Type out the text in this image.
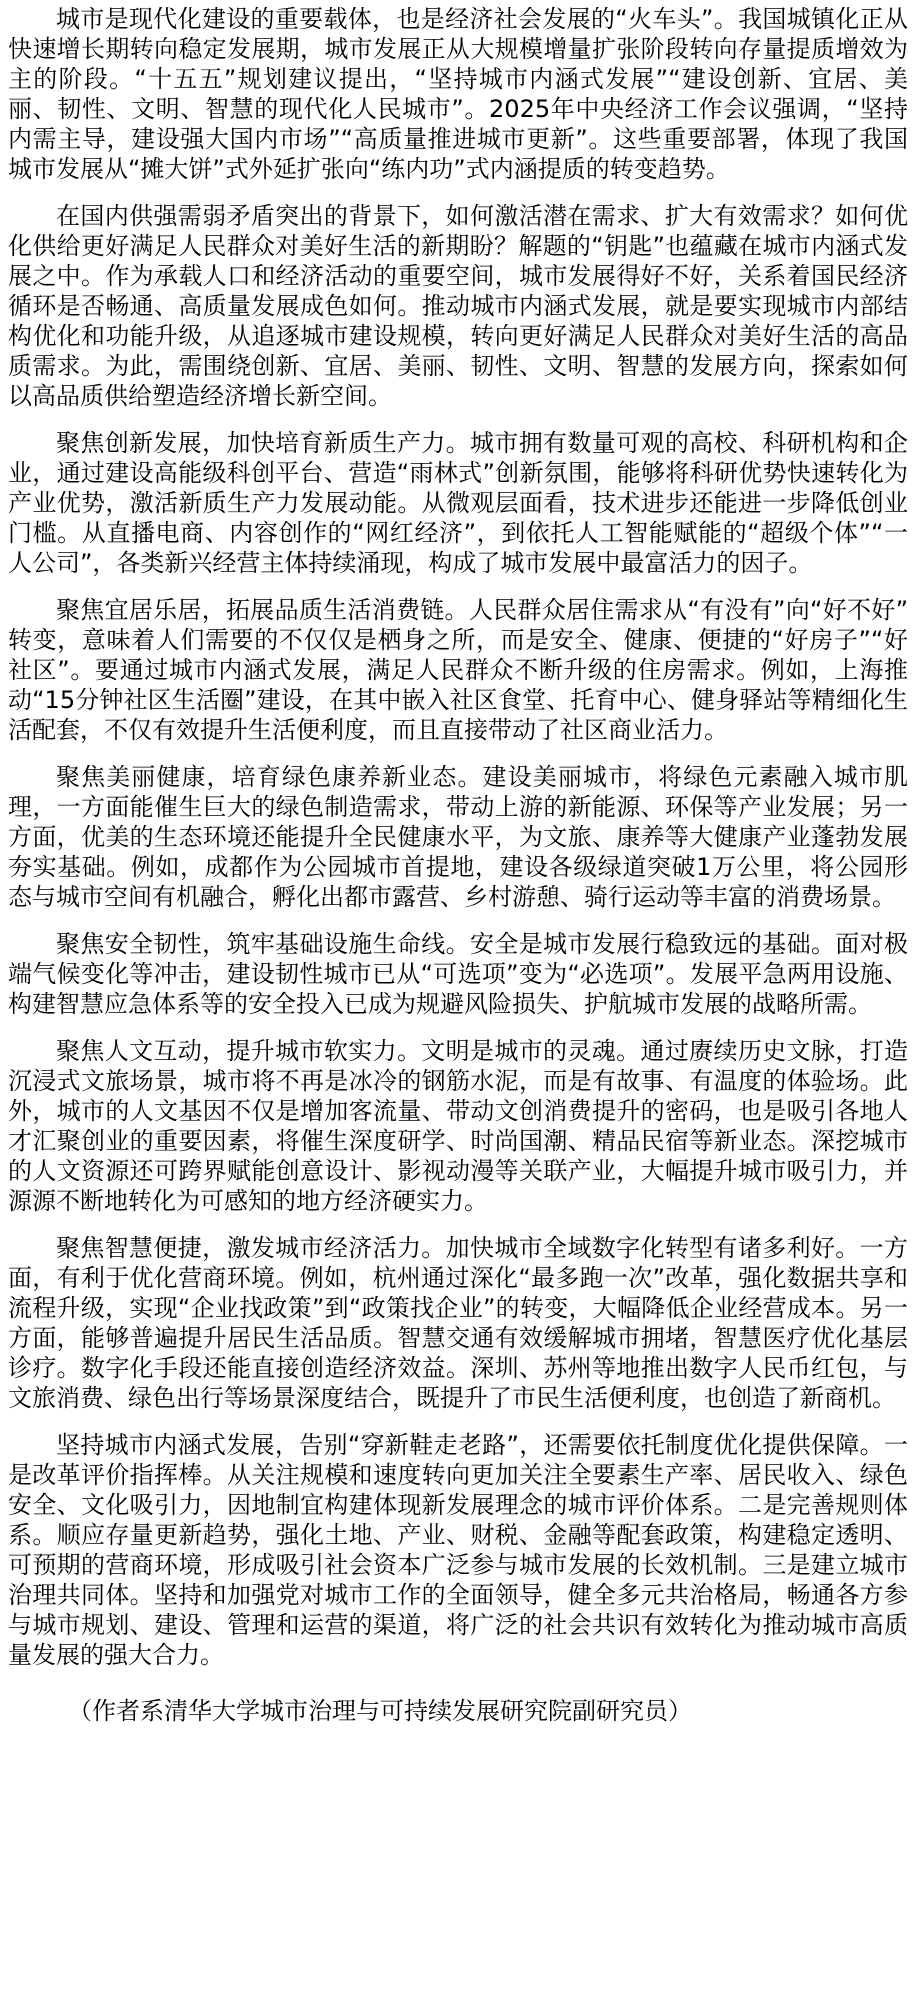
城市是现代化建设的重要载体，也是经济社会发展的“火车头”。我国城镇化正从快速增长期转向稳定发展期，城市发展正从大规模增量扩张阶段转向存量提质增效为主的阶段。“十五五”规划建议提出，“坚持城市内涵式发展”“建设创新、宜居、美丽、韧性、文明、智慧的现代化人民城市”。2025年中央经济工作会议强调，“坚持内需主导，建设强大国内市场”“高质量推进城市更新”。这些重要部署，体现了我国城市发展从“摊大饼”式外延扩张向“练内功”式内涵提质的转变趋势。

在国内供强需弱矛盾突出的背景下，如何激活潜在需求、扩大有效需求？如何优化供给更好满足人民群众对美好生活的新期盼？解题的“钥匙”也蕴藏在城市内涵式发展之中。作为承载人口和经济活动的重要空间，城市发展得好不好，关系着国民经济循环是否畅通、高质量发展成色如何。推动城市内涵式发展，就是要实现城市内部结构优化和功能升级，从追逐城市建设规模，转向更好满足人民群众对美好生活的高品质需求。为此，需围绕创新、宜居、美丽、韧性、文明、智慧的发展方向，探索如何以高品质供给塑造经济增长新空间。

聚焦创新发展，加快培育新质生产力。城市拥有数量可观的高校、科研机构和企业，通过建设高能级科创平台、营造“雨林式”创新氛围，能够将科研优势快速转化为产业优势，激活新质生产力发展动能。从微观层面看，技术进步还能进一步降低创业门槛。从直播电商、内容创作的“网红经济”，到依托人工智能赋能的“超级个体”“一人公司”，各类新兴经营主体持续涌现，构成了城市发展中最富活力的因子。

聚焦宜居乐居，拓展品质生活消费链。人民群众居住需求从“有没有”向“好不好”转变，意味着人们需要的不仅仅是栖身之所，而是安全、健康、便捷的“好房子”“好社区”。要通过城市内涵式发展，满足人民群众不断升级的住房需求。例如，上海推动“15分钟社区生活圈”建设，在其中嵌入社区食堂、托育中心、健身驿站等精细化生活配套，不仅有效提升生活便利度，而且直接带动了社区商业活力。

聚焦美丽健康，培育绿色康养新业态。建设美丽城市，将绿色元素融入城市肌理，一方面能催生巨大的绿色制造需求，带动上游的新能源、环保等产业发展；另一方面，优美的生态环境还能提升全民健康水平，为文旅、康养等大健康产业蓬勃发展夯实基础。例如，成都作为公园城市首提地，建设各级绿道突破1万公里，将公园形态与城市空间有机融合，孵化出都市露营、乡村游憩、骑行运动等丰富的消费场景。

聚焦安全韧性，筑牢基础设施生命线。安全是城市发展行稳致远的基础。面对极端气候变化等冲击，建设韧性城市已从“可选项”变为“必选项”。发展平急两用设施、构建智慧应急体系等的安全投入已成为规避风险损失、护航城市发展的战略所需。

聚焦人文互动，提升城市软实力。文明是城市的灵魂。通过赓续历史文脉，打造沉浸式文旅场景，城市将不再是冰冷的钢筋水泥，而是有故事、有温度的体验场。此外，城市的人文基因不仅是增加客流量、带动文创消费提升的密码，也是吸引各地人才汇聚创业的重要因素，将催生深度研学、时尚国潮、精品民宿等新业态。深挖城市的人文资源还可跨界赋能创意设计、影视动漫等关联产业，大幅提升城市吸引力，并源源不断地转化为可感知的地方经济硬实力。

聚焦智慧便捷，激发城市经济活力。加快城市全域数字化转型有诸多利好。一方面，有利于优化营商环境。例如，杭州通过深化“最多跑一次”改革，强化数据共享和流程升级，实现“企业找政策”到“政策找企业”的转变，大幅降低企业经营成本。另一方面，能够普遍提升居民生活品质。智慧交通有效缓解城市拥堵，智慧医疗优化基层诊疗。数字化手段还能直接创造经济效益。深圳、苏州等地推出数字人民币红包，与文旅消费、绿色出行等场景深度结合，既提升了市民生活便利度，也创造了新商机。

坚持城市内涵式发展，告别“穿新鞋走老路”，还需要依托制度优化提供保障。一是改革评价指挥棒。从关注规模和速度转向更加关注全要素生产率、居民收入、绿色安全、文化吸引力，因地制宜构建体现新发展理念的城市评价体系。二是完善规则体系。顺应存量更新趋势，强化土地、产业、财税、金融等配套政策，构建稳定透明、可预期的营商环境，形成吸引社会资本广泛参与城市发展的长效机制。三是建立城市治理共同体。坚持和加强党对城市工作的全面领导，健全多元共治格局，畅通各方参与城市规划、建设、管理和运营的渠道，将广泛的社会共识有效转化为推动城市高质量发展的强大合力。

（作者系清华大学城市治理与可持续发展研究院副研究员）
